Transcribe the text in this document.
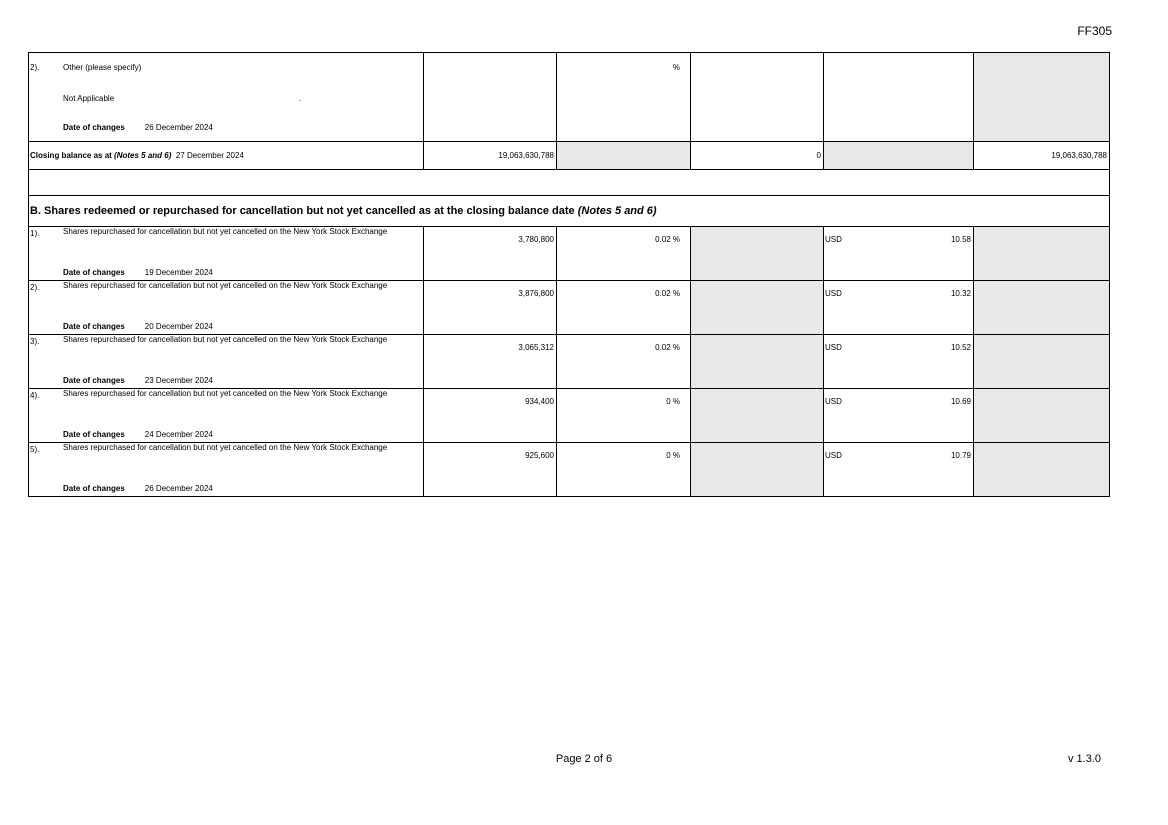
FF305
2). Other (please specify)
Not Applicable .
Date of changes 26 December 2024		%			
Closing balance as at (Notes 5 and 6) 27 December 2024	19,063,630,788		0		19,063,630,788

B. Shares redeemed or repurchased for cancellation but not yet cancelled as at the closing balance date (Notes 5 and 6)					

1). Shares repurchased for cancellation but not yet cancelled on the New York Stock Exchange
Date of changes 19 December 2024	3,780,800	0.02 %		USD 10.58	

2). Shares repurchased for cancellation but not yet cancelled on the New York Stock Exchange
Date of changes 20 December 2024	3,876,800	0.02 %		USD 10.32	

3). Shares repurchased for cancellation but not yet cancelled on the New York Stock Exchange
Date of changes 23 December 2024	3,065,312	0.02 %		USD 10.52	

4). Shares repurchased for cancellation but not yet cancelled on the New York Stock Exchange
Date of changes 24 December 2024	934,400	0 %		USD 10.69	

5). Shares repurchased for cancellation but not yet cancelled on the New York Stock Exchange
Date of changes 26 December 2024	925,600	0 %		USD 10.79	

Page 2 of 6	v 1.3.0
